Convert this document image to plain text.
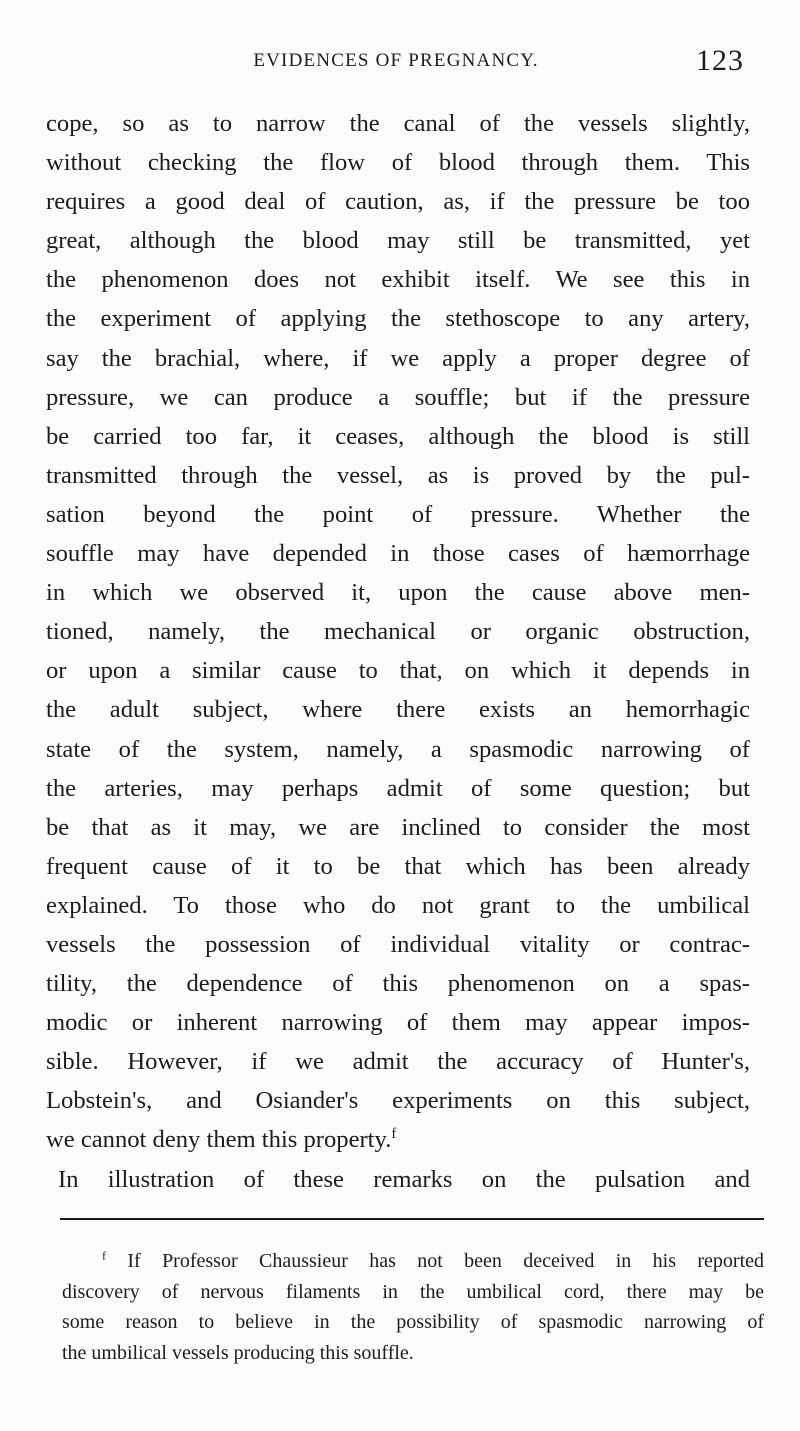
EVIDENCES OF PREGNANCY.	123
cope, so as to narrow the canal of the vessels slightly,
without checking the flow of blood through them. This
requires a good deal of caution, as, if the pressure be too
great, although the blood may still be transmitted, yet
the phenomenon does not exhibit itself. We see this in
the experiment of applying the stethoscope to any artery,
say the brachial, where, if we apply a proper degree of
pressure, we can produce a souffle; but if the pressure
be carried too far, it ceases, although the blood is still
transmitted through the vessel, as is proved by the pul-
sation beyond the point of pressure. Whether the
souffle may have depended in those cases of hæmorrhage
in which we observed it, upon the cause above men-
tioned, namely, the mechanical or organic obstruction,
or upon a similar cause to that, on which it depends in
the adult subject, where there exists an hemorrhagic
state of the system, namely, a spasmodic narrowing of
the arteries, may perhaps admit of some question; but
be that as it may, we are inclined to consider the most
frequent cause of it to be that which has been already
explained. To those who do not grant to the umbilical
vessels the possession of individual vitality or contrac-
tility, the dependence of this phenomenon on a spas-
modic or inherent narrowing of them may appear impos-
sible. However, if we admit the accuracy of Hunter's,
Lobstein's, and Osiander's experiments on this subject,
we cannot deny them this property.$^f$
In illustration of these remarks on the pulsation and
$^f$ If Professor Chaussieur has not been deceived in his reported
discovery of nervous filaments in the umbilical cord, there may be
some reason to believe in the possibility of spasmodic narrowing of
the umbilical vessels producing this souffle.
